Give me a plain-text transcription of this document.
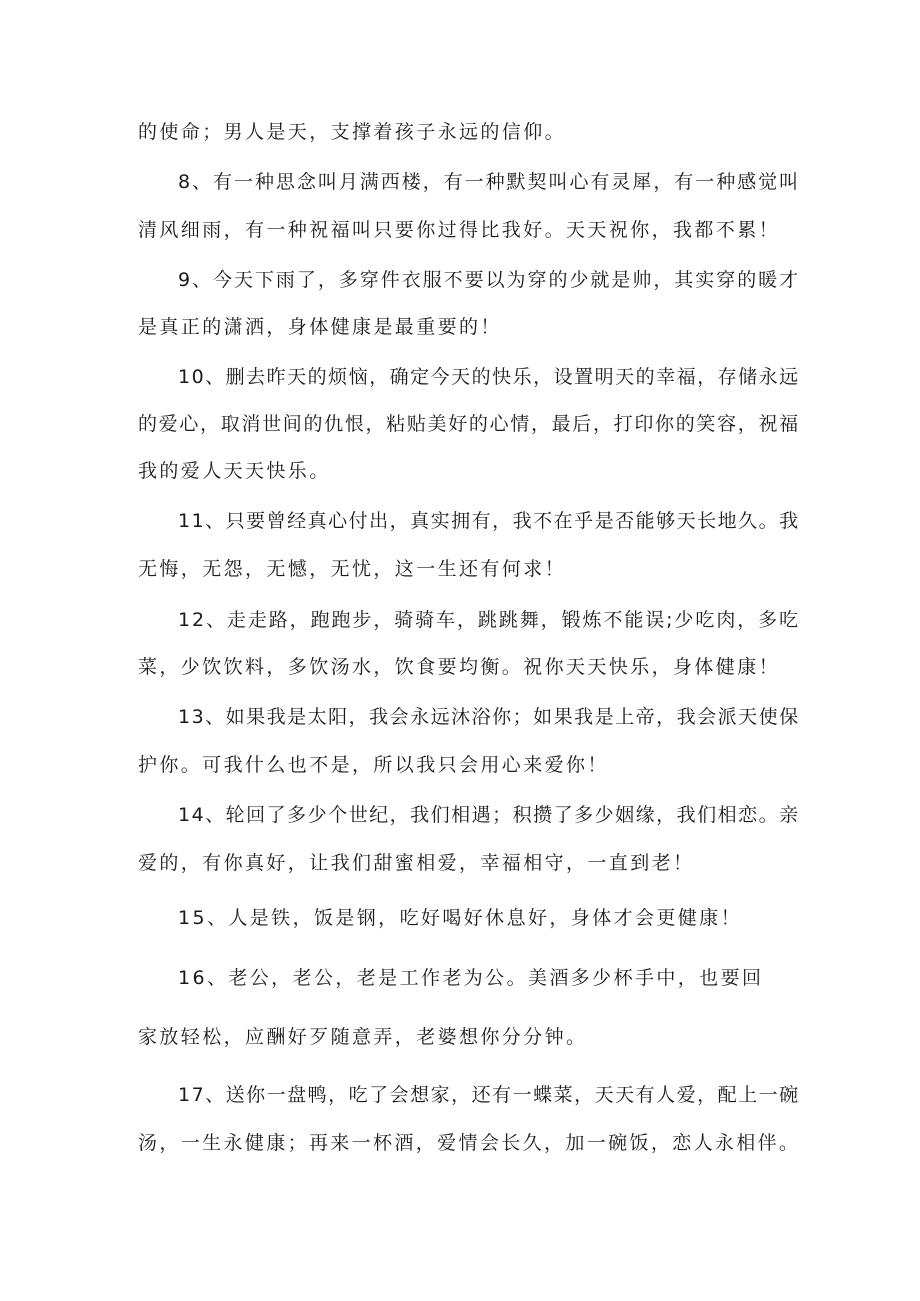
的使命；男人是天，支撑着孩子永远的信仰。
8、有一种思念叫月满西楼，有一种默契叫心有灵犀，有一种感觉叫
清风细雨，有一种祝福叫只要你过得比我好。天天祝你，我都不累！
9、今天下雨了，多穿件衣服不要以为穿的少就是帅，其实穿的暖才
是真正的潇洒，身体健康是最重要的！
10、删去昨天的烦恼，确定今天的快乐，设置明天的幸福，存储永远
的爱心，取消世间的仇恨，粘贴美好的心情，最后，打印你的笑容，祝福
我的爱人天天快乐。
11、只要曾经真心付出，真实拥有，我不在乎是否能够天长地久。我
无悔，无怨，无憾，无忧，这一生还有何求！
12、走走路，跑跑步，骑骑车，跳跳舞，锻炼不能误;少吃肉，多吃
菜，少饮饮料，多饮汤水，饮食要均衡。祝你天天快乐，身体健康！
13、如果我是太阳，我会永远沐浴你；如果我是上帝，我会派天使保
护你。可我什么也不是，所以我只会用心来爱你！
14、轮回了多少个世纪，我们相遇；积攒了多少姻缘，我们相恋。亲
爱的，有你真好，让我们甜蜜相爱，幸福相守，一直到老！
15、人是铁，饭是钢，吃好喝好休息好，身体才会更健康！
16、老公，老公，老是工作老为公。美酒多少杯手中，也要回
家放轻松，应酬好歹随意弄，老婆想你分分钟。
17、送你一盘鸭，吃了会想家，还有一蝶菜，天天有人爱，配上一碗
汤，一生永健康；再来一杯酒，爱情会长久，加一碗饭，恋人永相伴。
